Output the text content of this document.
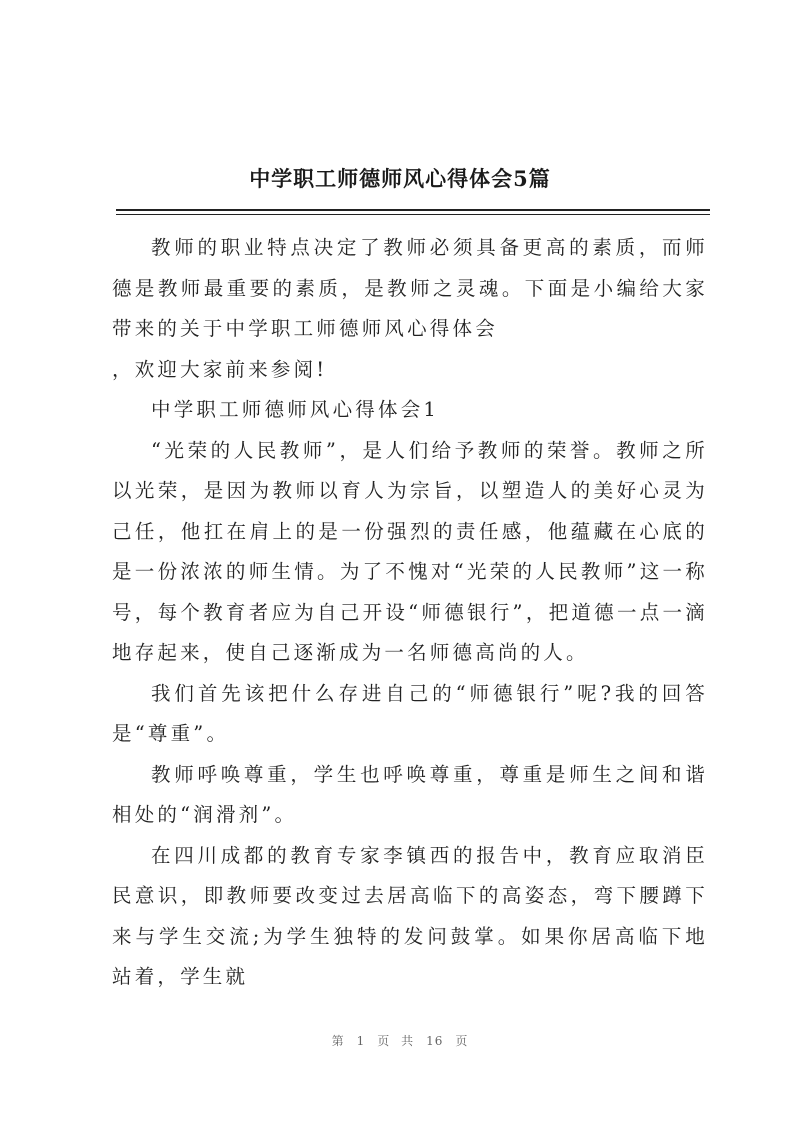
中学职工师德师风心得体会5篇

教师的职业特点决定了教师必须具备更高的素质，而师德是教师最重要的素质，是教师之灵魂。下面是小编给大家带来的关于中学职工师德师风心得体会

，欢迎大家前来参阅!

中学职工师德师风心得体会1

“光荣的人民教师”，是人们给予教师的荣誉。教师之所以光荣，是因为教师以育人为宗旨，以塑造人的美好心灵为己任，他扛在肩上的是一份强烈的责任感，他蕴藏在心底的是一份浓浓的师生情。为了不愧对“光荣的人民教师”这一称号，每个教育者应为自己开设“师德银行”，把道德一点一滴地存起来，使自己逐渐成为一名师德高尚的人。

我们首先该把什么存进自己的“师德银行”呢?我的回答是“尊重”。

教师呼唤尊重，学生也呼唤尊重，尊重是师生之间和谐相处的“润滑剂”。

在四川成都的教育专家李镇西的报告中，教育应取消臣民意识，即教师要改变过去居高临下的高姿态，弯下腰蹲下来与学生交流;为学生独特的发问鼓掌。如果你居高临下地站着，学生就

第 1 页 共 16 页
